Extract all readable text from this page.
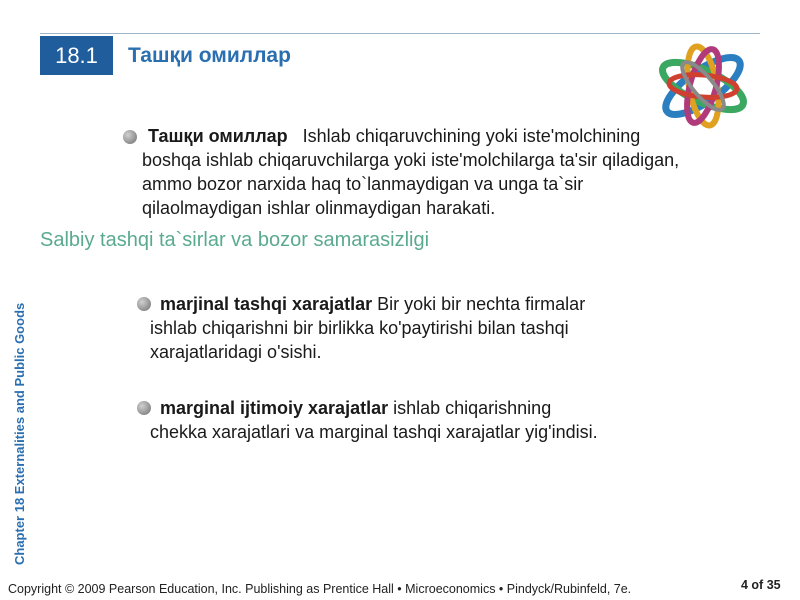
18.1	Ташқи омиллар
Chapter 18 Externalities and Public Goods
Ташқи омиллар Ishlab chiqaruvchining yoki iste'molchining
boshqa ishlab chiqaruvchilarga yoki iste'molchilarga ta'sir qiladigan,
ammo bozor narxida haq to`lanmaydigan va unga ta`sir
qilaolmaydigan ishlar olinmaydigan harakati.
Salbiy tashqi ta`sirlar va bozor samarasizligi
marjinal tashqi xarajatlar Bir yoki bir nechta firmalar
ishlab chiqarishni bir birlikka ko'paytirishi bilan tashqi
xarajatlaridagi o'sishi.
marginal ijtimoiy xarajatlar ishlab chiqarishning
chekka xarajatlari va marginal tashqi xarajatlar yig'indisi.
Copyright © 2009 Pearson Education, Inc. Publishing as Prentice Hall • Microeconomics • Pindyck/Rubinfeld, 7e.	4 of 35
